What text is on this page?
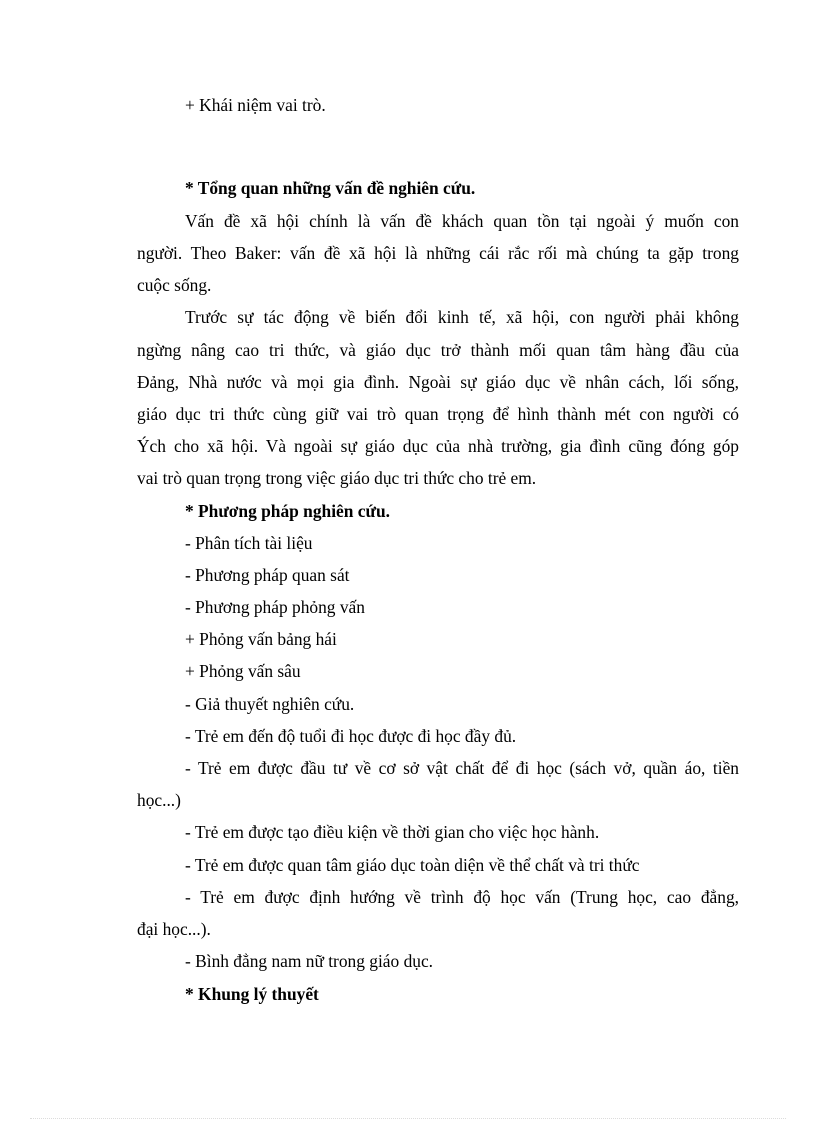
+ Khái niệm vai trò.
* Tổng quan những vấn đề nghiên cứu.
Vấn đề xã hội chính là vấn đề khách quan tồn tại ngoài ý muốn con
người. Theo Baker: vấn đề xã hội là những cái rắc rối mà chúng ta gặp trong
cuộc sống.
Trước sự tác động về biến đổi kinh tế, xã hội, con người phải không
ngừng nâng cao tri thức, và giáo dục trở thành mối quan tâm hàng đầu của
Đảng, Nhà nước và mọi gia đình. Ngoài sự giáo dục về nhân cách, lối sống,
giáo dục tri thức cùng giữ vai trò quan trọng để hình thành mét con người có
Ých cho xã hội. Và ngoài sự giáo dục của nhà trường, gia đình cũng đóng góp
vai trò quan trọng trong việc giáo dục tri thức cho trẻ em.
* Phương pháp nghiên cứu.
- Phân tích tài liệu
- Phương pháp quan sát
- Phương pháp phỏng vấn
+ Phỏng vấn bảng hái
+ Phỏng vấn sâu
- Giả thuyết nghiên cứu.
- Trẻ em đến độ tuổi đi học được đi học đầy đủ.
- Trẻ em được đầu tư về cơ sở vật chất để đi học (sách vở, quần áo, tiền
học...)
- Trẻ em được tạo điều kiện về thời gian cho việc học hành.
- Trẻ em được quan tâm giáo dục toàn diện về thể chất và tri thức
- Trẻ em được định hướng về trình độ học vấn (Trung học, cao đẳng,
đại học...).
- Bình đẳng nam nữ trong giáo dục.
* Khung lý thuyết
